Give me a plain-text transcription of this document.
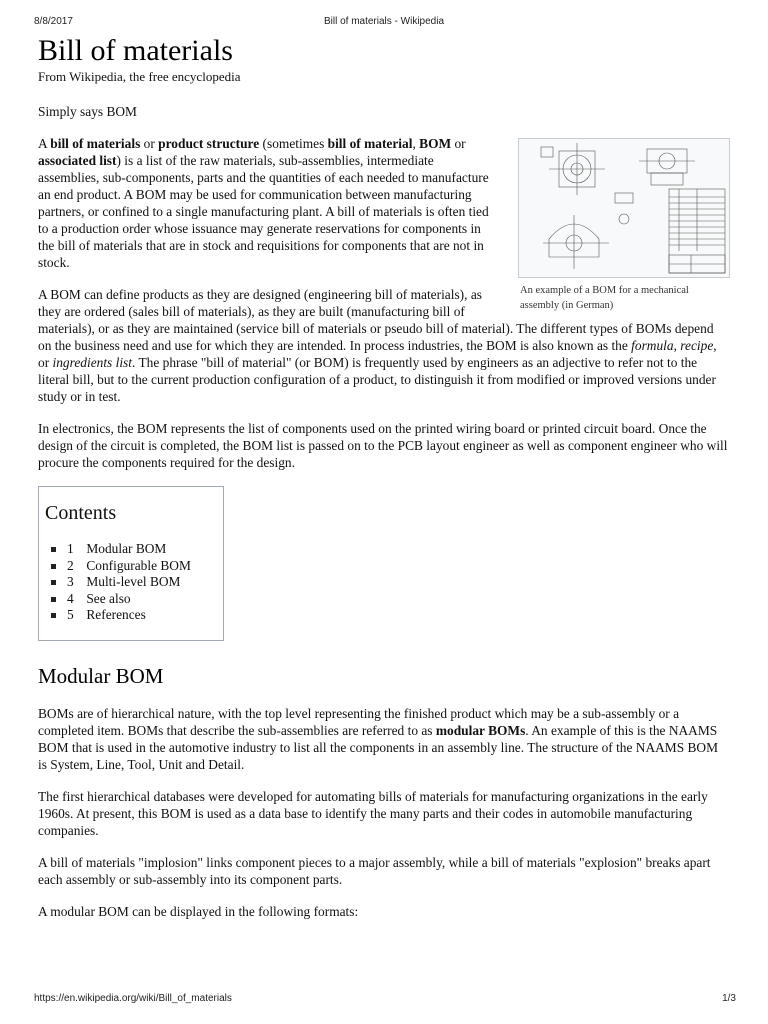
8/8/2017	Bill of materials - Wikipedia
Bill of materials
From Wikipedia, the free encyclopedia

Simply says BOM

An example of a BOM for a mechanical assembly (in German)

A bill of materials or product structure (sometimes bill of material, BOM or associated list) is a list of the raw materials, sub-assemblies, intermediate assemblies, sub-components, parts and the quantities of each needed to manufacture an end product. A BOM may be used for communication between manufacturing partners, or confined to a single manufacturing plant. A bill of materials is often tied to a production order whose issuance may generate reservations for components in the bill of materials that are in stock and requisitions for components that are not in stock.

A BOM can define products as they are designed (engineering bill of materials), as they are ordered (sales bill of materials), as they are built (manufacturing bill of materials), or as they are maintained (service bill of materials or pseudo bill of material). The different types of BOMs depend on the business need and use for which they are intended. In process industries, the BOM is also known as the formula, recipe, or ingredients list. The phrase "bill of material" (or BOM) is frequently used by engineers as an adjective to refer not to the literal bill, but to the current production configuration of a product, to distinguish it from modified or improved versions under study or in test.

In electronics, the BOM represents the list of components used on the printed wiring board or printed circuit board. Once the design of the circuit is completed, the BOM list is passed on to the PCB layout engineer as well as component engineer who will procure the components required for the design.

Contents
1 Modular BOM
2 Configurable BOM
3 Multi-level BOM
4 See also
5 References
Modular BOM

BOMs are of hierarchical nature, with the top level representing the finished product which may be a sub-assembly or a completed item. BOMs that describe the sub-assemblies are referred to as modular BOMs. An example of this is the NAAMS BOM that is used in the automotive industry to list all the components in an assembly line. The structure of the NAAMS BOM is System, Line, Tool, Unit and Detail.

The first hierarchical databases were developed for automating bills of materials for manufacturing organizations in the early 1960s. At present, this BOM is used as a data base to identify the many parts and their codes in automobile manufacturing companies.

A bill of materials "implosion" links component pieces to a major assembly, while a bill of materials "explosion" breaks apart each assembly or sub-assembly into its component parts.

A modular BOM can be displayed in the following formats:

https://en.wikipedia.org/wiki/Bill_of_materials	1/3
